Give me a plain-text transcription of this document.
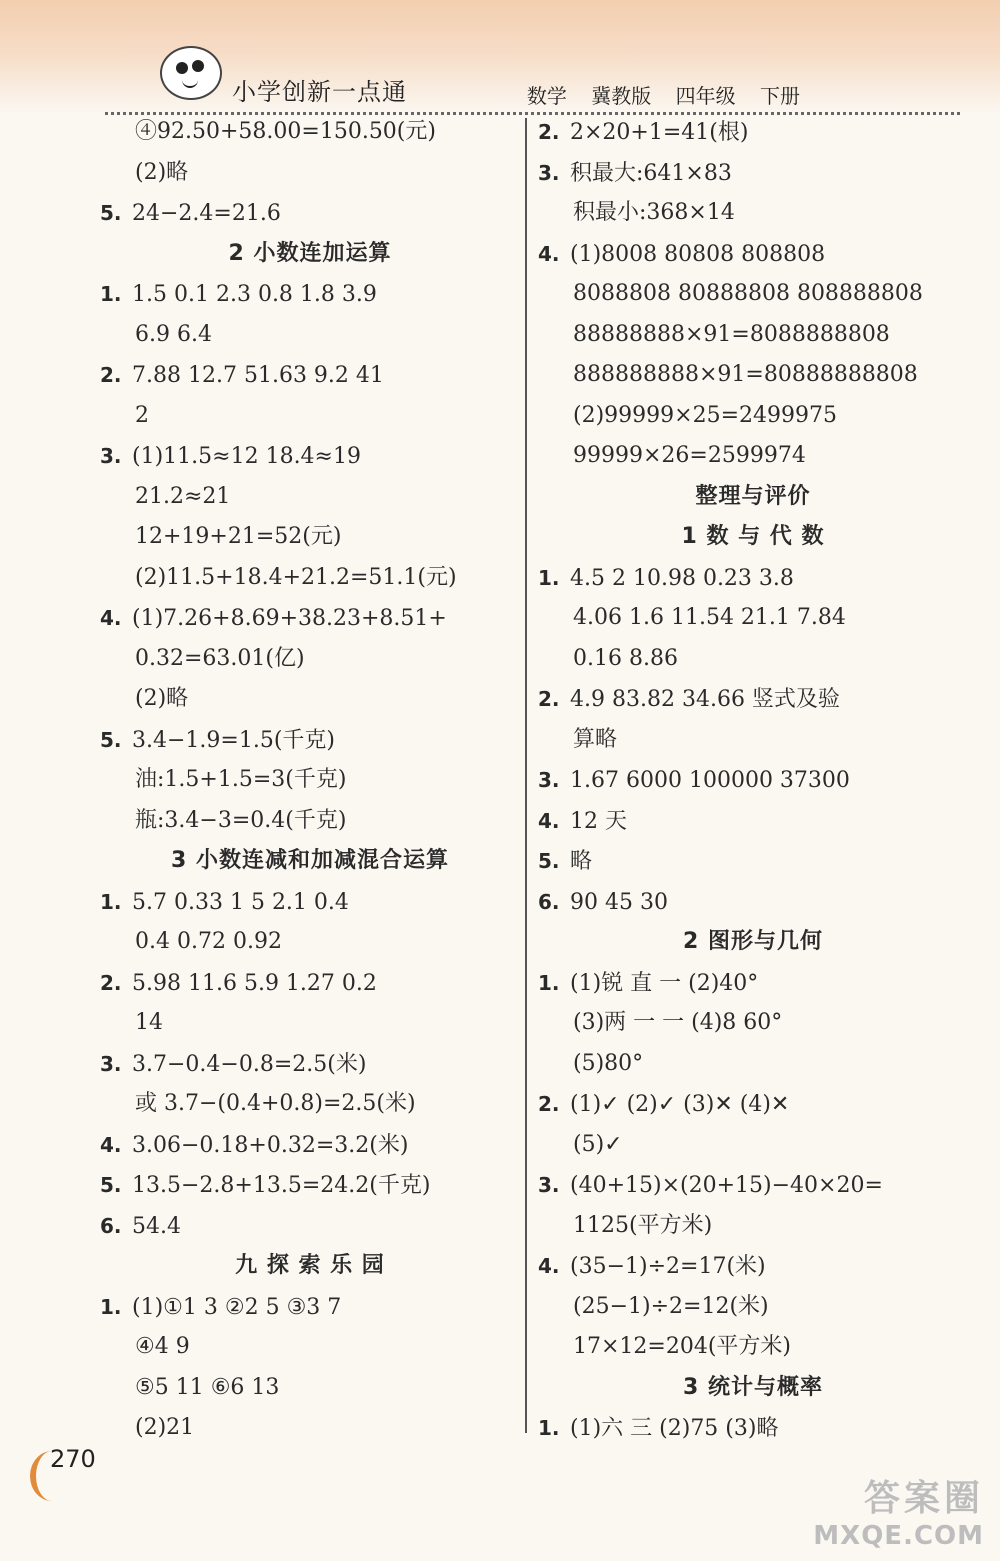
小学创新一点通	数学 冀教版 四年级 下册
④92.50+58.00=150.50(元)
(2)略
5. 24−2.4=21.6
2 小数连加运算
1. 1.5 0.1 2.3 0.8 1.8 3.9
6.9 6.4
2. 7.88 12.7 51.63 9.2 41
2
3. (1)11.5≈12 18.4≈19
21.2≈21
12+19+21=52(元)
(2)11.5+18.4+21.2=51.1(元)
4. (1)7.26+8.69+38.23+8.51+
0.32=63.01(亿)
(2)略
5. 3.4−1.9=1.5(千克)
油:1.5+1.5=3(千克)
瓶:3.4−3=0.4(千克)
3 小数连减和加减混合运算
1. 5.7 0.33 1 5 2.1 0.4
0.4 0.72 0.92
2. 5.98 11.6 5.9 1.27 0.2
14
3. 3.7−0.4−0.8=2.5(米)
或 3.7−(0.4+0.8)=2.5(米)
4. 3.06−0.18+0.32=3.2(米)
5. 13.5−2.8+13.5=24.2(千克)
6. 54.4
九 探 索 乐 园
1. (1)①1 3 ②2 5 ③3 7
④4 9
⑤5 11 ⑥6 13
(2)21
2. 2×20+1=41(根)
3. 积最大:641×83
积最小:368×14
4. (1)8008 80808 808808
8088808 80888808 808888808
88888888×91=8088888808
888888888×91=80888888808
(2)99999×25=2499975
99999×26=2599974
整理与评价
1 数 与 代 数
1. 4.5 2 10.98 0.23 3.8
4.06 1.6 11.54 21.1 7.84
0.16 8.86
2. 4.9 83.82 34.66 竖式及验
算略
3. 1.67 6000 100000 37300
4. 12 天
5. 略
6. 90 45 30
2 图形与几何
1. (1)锐 直 一 (2)40°
(3)两 一 一 (4)8 60°
(5)80°
2. (1)✓ (2)✓ (3)✕ (4)✕
(5)✓
3. (40+15)×(20+15)−40×20=
1125(平方米)
4. (35−1)÷2=17(米)
(25−1)÷2=12(米)
17×12=204(平方米)
3 统计与概率
1. (1)六 三 (2)75 (3)略
270
答案圈
MXQE.COM
